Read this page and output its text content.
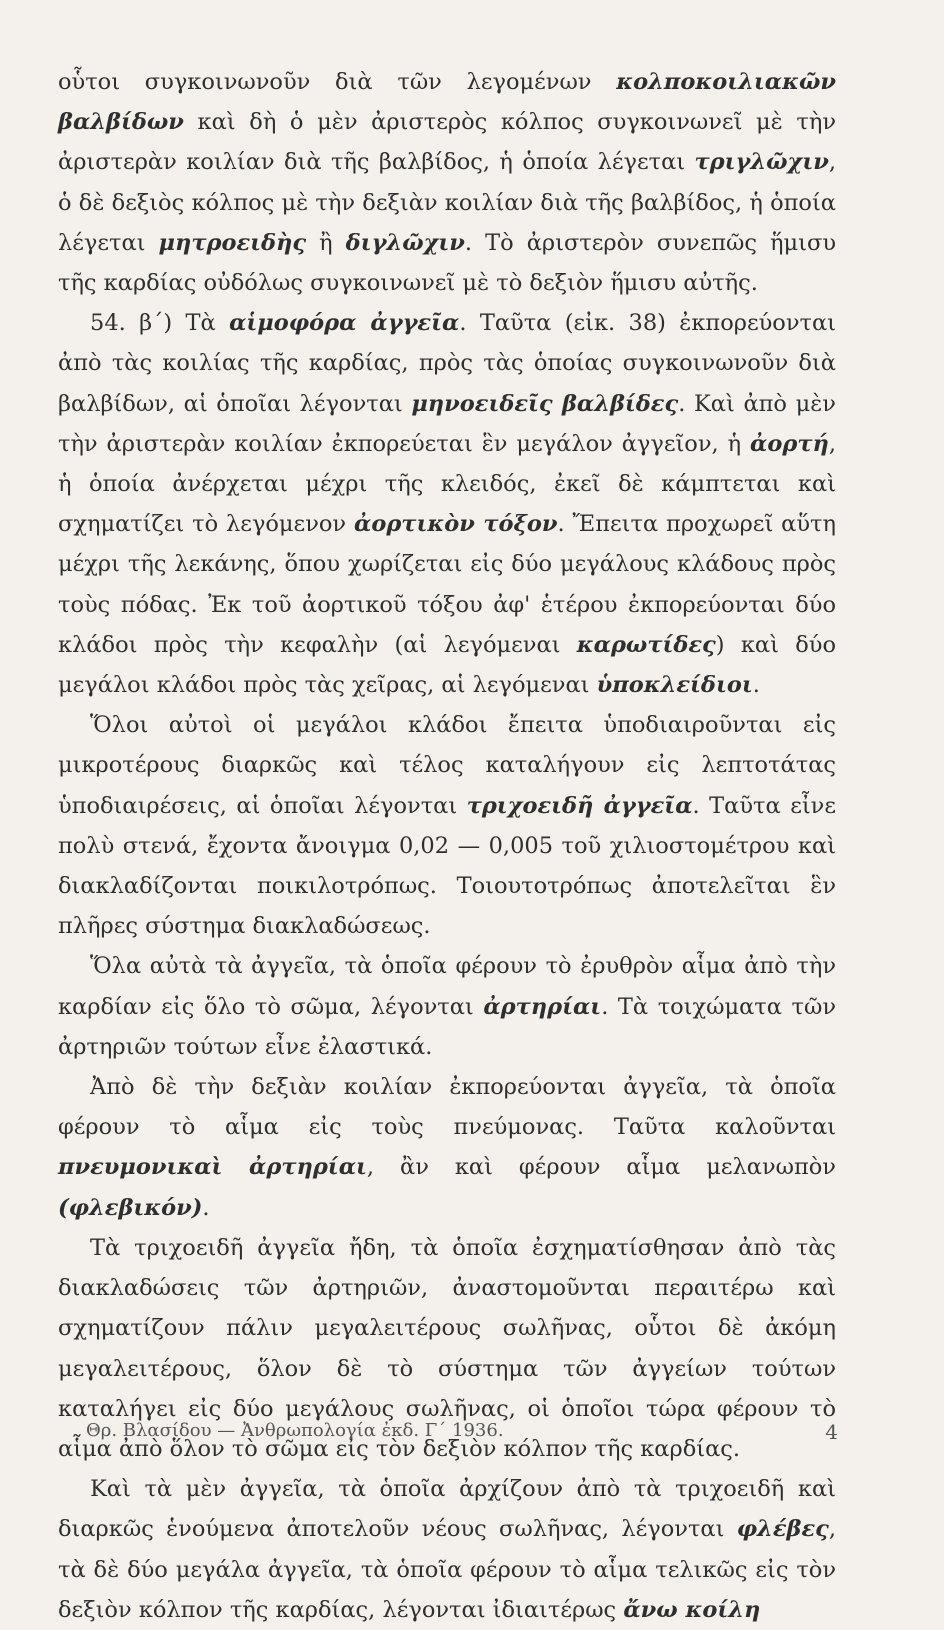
οὗτοι συγκοινωνοῦν διὰ τῶν λεγομένων κολποκοιλιακῶν βαλβίδων καὶ δὴ ὁ μὲν ἀριστερὸς κόλπος συγκοινωνεῖ μὲ τὴν ἀριστερὰν κοιλίαν διὰ τῆς βαλβίδος, ἡ ὁποία λέγεται τριγλῶχιν, ὁ δὲ δεξιὸς κόλπος μὲ τὴν δεξιὰν κοιλίαν διὰ τῆς βαλβίδος, ἡ ὁποία λέγεται μητροειδὴς ἢ διγλῶχιν. Τὸ ἀριστερὸν συνεπῶς ἥμισυ τῆς καρδίας οὐδόλως συγκοινωνεῖ μὲ τὸ δεξιὸν ἥμισυ αὐτῆς.

54. β΄) Τὰ αἱμοφόρα ἀγγεῖα. Ταῦτα (εἰκ. 38) ἐκπορεύονται ἀπὸ τὰς κοιλίας τῆς καρδίας, πρὸς τὰς ὁποίας συγκοινωνοῦν διὰ βαλβίδων, αἱ ὁποῖαι λέγονται μηνοειδεῖς βαλβίδες. Καὶ ἀπὸ μὲν τὴν ἀριστερὰν κοιλίαν ἐκπορεύεται ἓν μεγάλον ἀγγεῖον, ἡ ἀορτή, ἡ ὁποία ἀνέρχεται μέχρι τῆς κλειδός, ἐκεῖ δὲ κάμπτεται καὶ σχηματίζει τὸ λεγόμενον ἀορτικὸν τόξον. Ἔπειτα προχωρεῖ αὕτη μέχρι τῆς λεκάνης, ὅπου χωρίζεται εἰς δύο μεγάλους κλάδους πρὸς τοὺς πόδας. Ἐκ τοῦ ἀορτικοῦ τόξου ἀφ' ἑτέρου ἐκπορεύονται δύο κλάδοι πρὸς τὴν κεφαλὴν (αἱ λεγόμεναι καρωτίδες) καὶ δύο μεγάλοι κλάδοι πρὸς τὰς χεῖρας, αἱ λεγόμεναι ὑποκλείδιοι.

Ὅλοι αὐτοὶ οἱ μεγάλοι κλάδοι ἔπειτα ὑποδιαιροῦνται εἰς μικροτέρους διαρκῶς καὶ τέλος καταλήγουν εἰς λεπτοτάτας ὑποδιαιρέσεις, αἱ ὁποῖαι λέγονται τριχοειδῆ ἀγγεῖα. Ταῦτα εἶνε πολὺ στενά, ἔχοντα ἄνοιγμα 0,02 — 0,005 τοῦ χιλιοστομέτρου καὶ διακλαδίζονται ποικιλοτρόπως. Τοιουτοτρόπως ἀποτελεῖται ἓν πλῆρες σύστημα διακλαδώσεως.

Ὅλα αὐτὰ τὰ ἀγγεῖα, τὰ ὁποῖα φέρουν τὸ ἐρυθρὸν αἷμα ἀπὸ τὴν καρδίαν εἰς ὅλο τὸ σῶμα, λέγονται ἀρτηρίαι. Τὰ τοιχώματα τῶν ἀρτηριῶν τούτων εἶνε ἐλαστικά.

Ἀπὸ δὲ τὴν δεξιὰν κοιλίαν ἐκπορεύονται ἀγγεῖα, τὰ ὁποῖα φέρουν τὸ αἷμα εἰς τοὺς πνεύμονας. Ταῦτα καλοῦνται πνευμονικαὶ ἀρτηρίαι, ἂν καὶ φέρουν αἷμα μελανωπὸν (φλεβικόν).

Τὰ τριχοειδῆ ἀγγεῖα ἤδη, τὰ ὁποῖα ἐσχηματίσθησαν ἀπὸ τὰς διακλαδώσεις τῶν ἀρτηριῶν, ἀναστομοῦνται περαιτέρω καὶ σχηματίζουν πάλιν μεγαλειτέρους σωλῆνας, οὗτοι δὲ ἀκόμη μεγαλειτέρους, ὅλον δὲ τὸ σύστημα τῶν ἀγγείων τούτων καταλήγει εἰς δύο μεγάλους σωλῆνας, οἱ ὁποῖοι τώρα φέρουν τὸ αἷμα ἀπὸ ὅλον τὸ σῶμα εἰς τὸν δεξιὸν κόλπον τῆς καρδίας.

Καὶ τὰ μὲν ἀγγεῖα, τὰ ὁποῖα ἀρχίζουν ἀπὸ τὰ τριχοειδῆ καὶ διαρκῶς ἑνούμενα ἀποτελοῦν νέους σωλῆνας, λέγονται φλέβες, τὰ δὲ δύο μεγάλα ἀγγεῖα, τὰ ὁποῖα φέρουν τὸ αἷμα τελικῶς εἰς τὸν δεξιὸν κόλπον τῆς καρδίας, λέγονται ἰδιαιτέρως ἄνω κοίλη

Θρ. Βλασίδου — Ἀνθρωπολογία ἐκδ. Γ΄ 1936.	4
